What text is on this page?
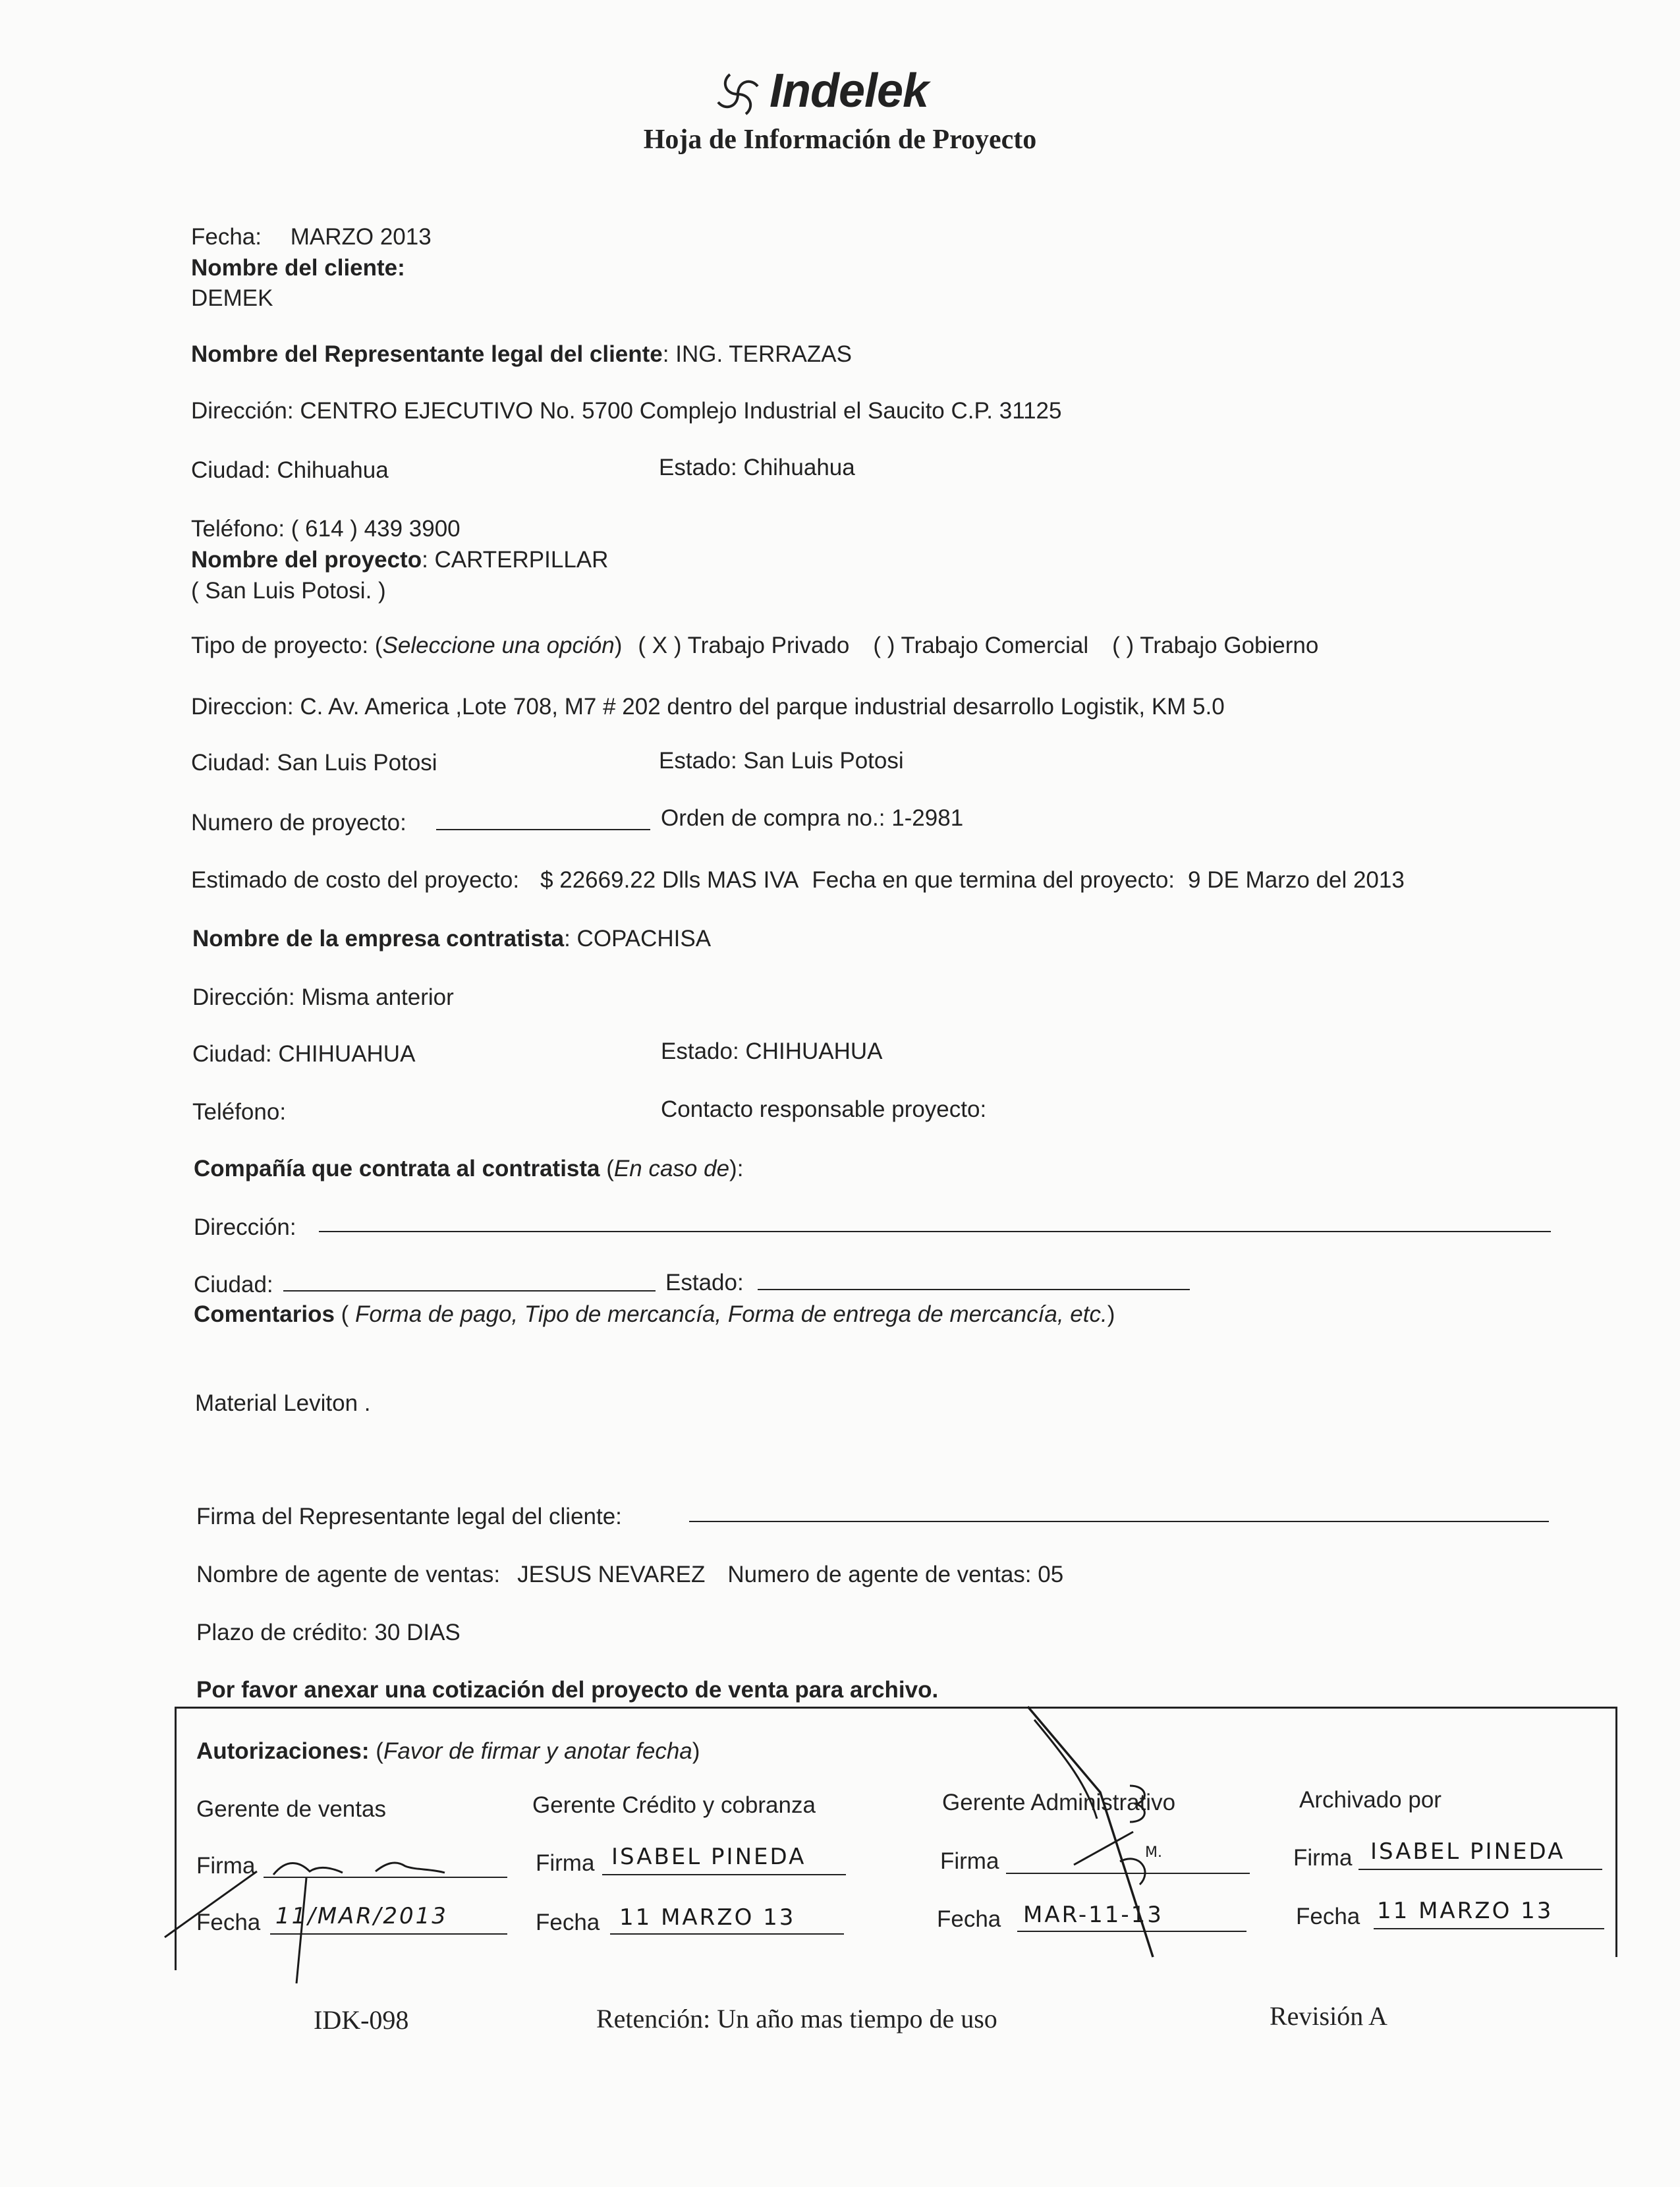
Indelek
Hoja de Información de Proyecto
Fecha: MARZO 2013
Nombre del cliente:
DEMEK
Nombre del Representante legal del cliente: ING. TERRAZAS
Dirección: CENTRO EJECUTIVO No. 5700 Complejo Industrial el Saucito C.P. 31125
Ciudad: Chihuahua	Estado: Chihuahua
Teléfono: ( 614 ) 439 3900
Nombre del proyecto: CARTERPILLAR
( San Luis Potosi. )
Tipo de proyecto: (Seleccione una opción) ( X ) Trabajo Privado ( ) Trabajo Comercial ( ) Trabajo Gobierno
Direccion: C. Av. America ,Lote 708, M7 # 202 dentro del parque industrial desarrollo Logistik, KM 5.0
Ciudad: San Luis Potosi	Estado: San Luis Potosi
Numero de proyecto:	Orden de compra no.: 1-2981
Estimado de costo del proyecto: $ 22669.22 Dlls MAS IVA Fecha en que termina del proyecto: 9 DE Marzo del 2013
Nombre de la empresa contratista: COPACHISA
Dirección: Misma anterior
Ciudad: CHIHUAHUA	Estado: CHIHUAHUA
Teléfono:	Contacto responsable proyecto:
Compañía que contrata al contratista (En caso de):
Dirección:
Ciudad:	Estado:
Comentarios ( Forma de pago, Tipo de mercancía, Forma de entrega de mercancía, etc.)
Material Leviton .
Firma del Representante legal del cliente:
Nombre de agente de ventas: JESUS NEVAREZ Numero de agente de ventas: 05
Plazo de crédito: 30 DIAS
Por favor anexar una cotización del proyecto de venta para archivo.
Autorizaciones: (Favor de firmar y anotar fecha)
Gerente de ventas
Firma
Fecha 11/MAR/2013
Gerente Crédito y cobranza
Firma ISABEL PINEDA
Fecha 11 MARZO 13
Gerente Administrativo
Firma
Fecha MAR-11-13
M.
Archivado por
Firma ISABEL PINEDA
Fecha 11 MARZO 13
IDK-098	Retención: Un año mas tiempo de uso	Revisión A
